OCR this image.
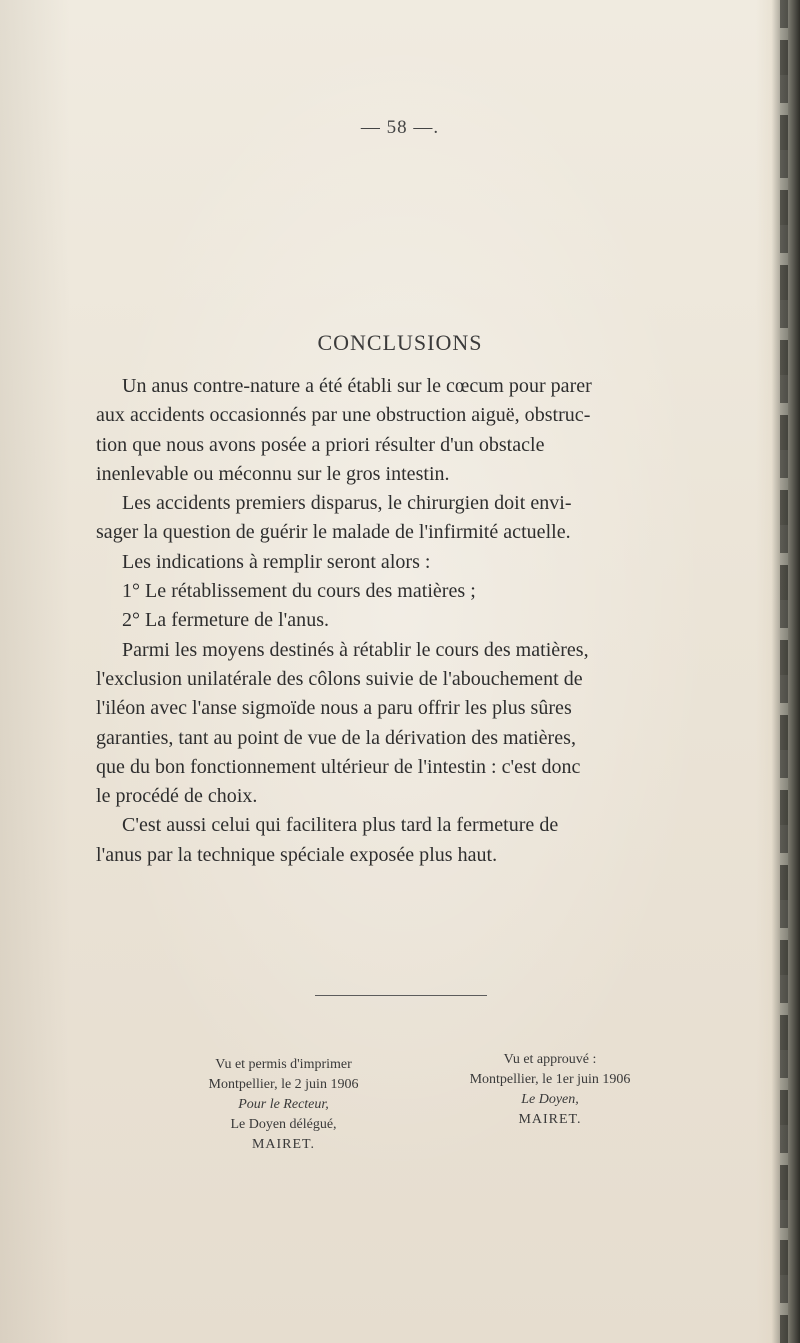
— 58 —.
CONCLUSIONS
Un anus contre-nature a été établi sur le cœcum pour parer
aux accidents occasionnés par une obstruction aiguë, obstruc-
tion que nous avons posée a priori résulter d'un obstacle
inenlevable ou méconnu sur le gros intestin.
Les accidents premiers disparus, le chirurgien doit envi-
sager la question de guérir le malade de l'infirmité actuelle.
Les indications à remplir seront alors :
1° Le rétablissement du cours des matières ;
2° La fermeture de l'anus.
Parmi les moyens destinés à rétablir le cours des matières,
l'exclusion unilatérale des côlons suivie de l'abouchement de
l'iléon avec l'anse sigmoïde nous a paru offrir les plus sûres
garanties, tant au point de vue de la dérivation des matières,
que du bon fonctionnement ultérieur de l'intestin : c'est donc
le procédé de choix.
C'est aussi celui qui facilitera plus tard la fermeture de
l'anus par la technique spéciale exposée plus haut.
Vu et permis d'imprimer
Montpellier, le 2 juin 1906
Pour le Recteur,
Le Doyen délégué,
MAIRET.
Vu et approuvé :
Montpellier, le 1er juin 1906
Le Doyen,
MAIRET.
